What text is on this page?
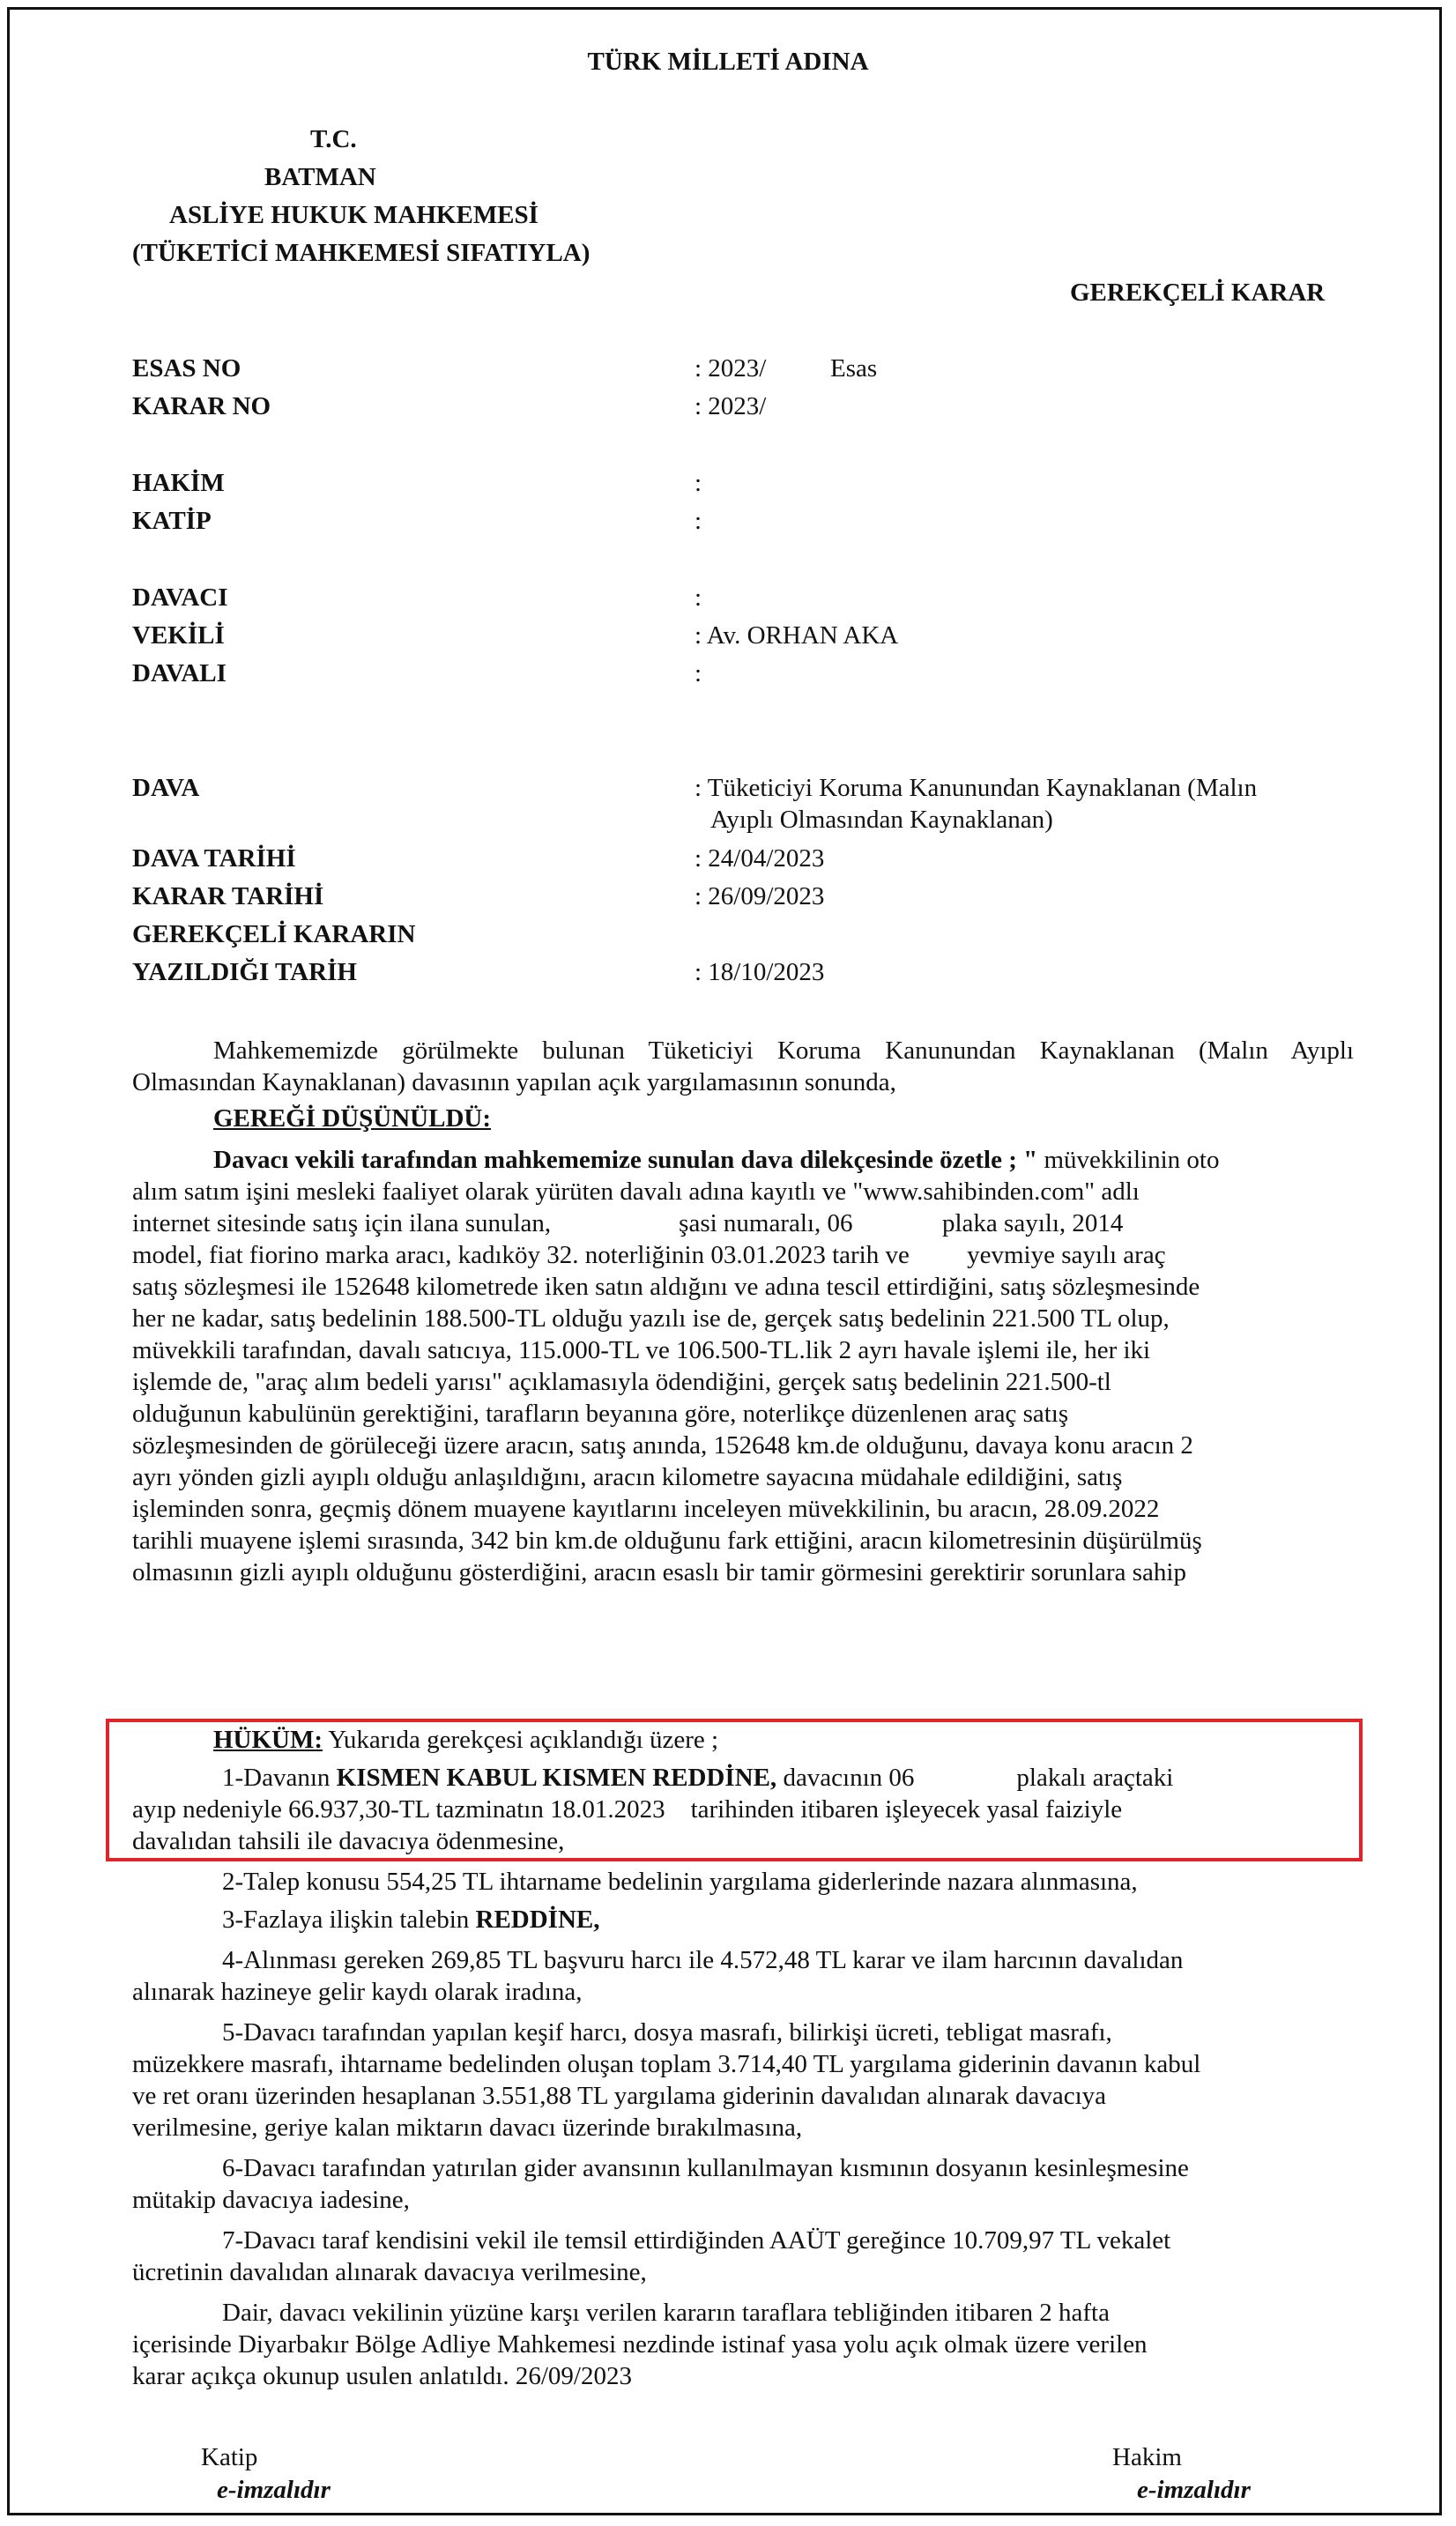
TÜRK MİLLETİ ADINA
T.C.
BATMAN
ASLİYE HUKUK MAHKEMESİ
(TÜKETİCİ MAHKEMESİ SIFATIYLA)
GEREKÇELİ KARAR
ESAS NO	: 2023/	Esas
KARAR NO	: 2023/
HAKİM	:
KATİP	:
DAVACI	:
VEKİLİ	: Av. ORHAN AKA
DAVALI	:
DAVA	: Tüketiciyi Koruma Kanunundan Kaynaklanan (Malın
Ayıplı Olmasından Kaynaklanan)
DAVA TARİHİ	: 24/04/2023
KARAR TARİHİ	: 26/09/2023
GEREKÇELİ KARARIN
YAZILDIĞI TARİH	: 18/10/2023
Mahkememizde görülmekte bulunan Tüketiciyi Koruma Kanunundan Kaynaklanan (Malın Ayıplı
Olmasından Kaynaklanan) davasının yapılan açık yargılamasının sonunda,
GEREĞİ DÜŞÜNÜLDÜ:
Davacı vekili tarafından mahkememize sunulan dava dilekçesinde özetle ; " müvekkilinin oto
alım satım işini mesleki faaliyet olarak yürüten davalı adına kayıtlı ve "www.sahibinden.com" adlı
internet sitesinde satış için ilana sunulan,                    şasi numaralı, 06              plaka sayılı, 2014
model, fiat fiorino marka aracı, kadıköy 32. noterliğinin 03.01.2023 tarih ve         yevmiye sayılı araç
satış sözleşmesi ile 152648 kilometrede iken satın aldığını ve adına tescil ettirdiğini, satış sözleşmesinde
her ne kadar, satış bedelinin 188.500-TL olduğu yazılı ise de, gerçek satış bedelinin 221.500 TL olup,
müvekkili tarafından, davalı satıcıya, 115.000-TL ve 106.500-TL.lik 2 ayrı havale işlemi ile, her iki
işlemde de, "araç alım bedeli yarısı" açıklamasıyla ödendiğini, gerçek satış bedelinin 221.500-tl
olduğunun kabulünün gerektiğini, tarafların beyanına göre, noterlikçe düzenlenen araç satış
sözleşmesinden de görüleceği üzere aracın, satış anında, 152648 km.de olduğunu, davaya konu aracın 2
ayrı yönden gizli ayıplı olduğu anlaşıldığını, aracın kilometre sayacına müdahale edildiğini, satış
işleminden sonra, geçmiş dönem muayene kayıtlarını inceleyen müvekkilinin, bu aracın, 28.09.2022
tarihli muayene işlemi sırasında, 342 bin km.de olduğunu fark ettiğini, aracın kilometresinin düşürülmüş
olmasının gizli ayıplı olduğunu gösterdiğini, aracın esaslı bir tamir görmesini gerektirir sorunlara sahip
HÜKÜM: Yukarıda gerekçesi açıklandığı üzere ;
1-Davanın KISMEN KABUL KISMEN REDDİNE, davacının 06                plakalı araçtaki
ayıp nedeniyle 66.937,30-TL tazminatın 18.01.2023    tarihinden itibaren işleyecek yasal faiziyle
davalıdan tahsili ile davacıya ödenmesine,
2-Talep konusu 554,25 TL ihtarname bedelinin yargılama giderlerinde nazara alınmasına,
3-Fazlaya ilişkin talebin REDDİNE,
4-Alınması gereken 269,85 TL başvuru harcı ile 4.572,48 TL karar ve ilam harcının davalıdan
alınarak hazineye gelir kaydı olarak iradına,
5-Davacı tarafından yapılan keşif harcı, dosya masrafı, bilirkişi ücreti, tebligat masrafı,
müzekkere masrafı, ihtarname bedelinden oluşan toplam 3.714,40 TL yargılama giderinin davanın kabul
ve ret oranı üzerinden hesaplanan 3.551,88 TL yargılama giderinin davalıdan alınarak davacıya
verilmesine, geriye kalan miktarın davacı üzerinde bırakılmasına,
6-Davacı tarafından yatırılan gider avansının kullanılmayan kısmının dosyanın kesinleşmesine
mütakip davacıya iadesine,
7-Davacı taraf kendisini vekil ile temsil ettirdiğinden AAÜT gereğince 10.709,97 TL vekalet
ücretinin davalıdan alınarak davacıya verilmesine,
Dair, davacı vekilinin yüzüne karşı verilen kararın taraflara tebliğinden itibaren 2 hafta
içerisinde Diyarbakır Bölge Adliye Mahkemesi nezdinde istinaf yasa yolu açık olmak üzere verilen
karar açıkça okunup usulen anlatıldı. 26/09/2023
Katip
e-imzalıdır
Hakim
e-imzalıdır
